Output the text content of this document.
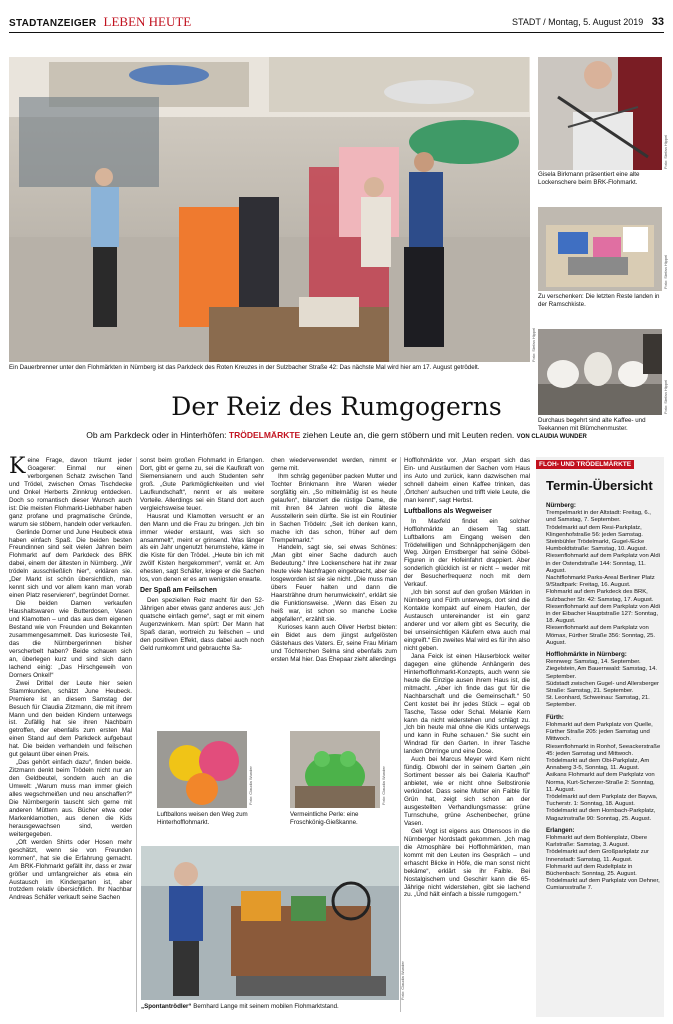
STADTANZEIGER LEBEN HEUTE	STADT / Montag, 5. August 2019 33
Foto: Stefan Hippel
Ein Dauerbrenner unter den Flohmärkten in Nürnberg ist das Parkdeck des Roten Kreuzes in der Sulzbacher Straße 42: Das nächste Mal wird hier am 17. August getrödelt.
Foto: Stefan Hippel
Gisela Birkmann präsentiert eine alte Lockenschere beim BRK-Flohmarkt.
Foto: Stefan Hippel
Zu verschenken: Die letzten Reste landen in der Ramschkiste.
Foto: Stefan Hippel
Durchaus begehrt sind alte Kaffee- und Teekannen mit Blümchenmuster.
Der Reiz des Rumgogerns
Ob am Parkdeck oder in Hinterhöfen: TRÖDELMÄRKTE ziehen Leute an, die gern stöbern und mit Leuten reden. VON CLAUDIA WUNDER

Keine Frage, davon träumt jeder Goagerer: Einmal nur einen verborgenen Schatz zwischen Tand und Trödel, zwischen Omas Tischdecke und Onkel Herberts Zinnkrug entdecken. Doch so romantisch dieser Wunsch auch ist: Die meisten Flohmarkt-Liebhaber haben ganz profane und pragmatische Gründe, warum sie stöbern, handeln oder verkaufen.

Gerlinde Dorner und June Heubeck etwa haben einfach Spaß. Die beiden besten Freundinnen sind seit vielen Jahren beim Flohmarkt auf dem Parkdeck des BRK dabei, einem der ältesten in Nürnberg. „Wir trödeln ausschließlich hier“, erklären sie. „Der Markt ist schön übersichtlich, man kennt sich und vor allem kann man vorab einen Platz reservieren“, begründet Dorner.

Die beiden Damen verkaufen Haushaltswaren wie Butterdosen, Vasen und Klamotten – und das aus dem eigenen Bestand wie von Freunden und Bekannten zusammengesammelt. Das kurioseste Teil, das die Nürnbergerinnen bisher verscherbelt haben? Beide schauen sich an, überlegen kurz und sind sich dann lachend einig: „Das Hirschgeweih von Dorners Onkel!“

Zwei Drittel der Leute hier seien Stammkunden, schätzt June Heubeck. Premiere ist an diesem Samstag der Besuch für Claudia Zitzmann, die mit ihrem Mann und den beiden Kindern unterwegs ist. Zufällig hat sie ihren Nachbarn getroffen, der ebenfalls zum ersten Mal einen Stand auf dem Parkdeck aufgebaut hat. Die beiden verhandeln und feilschen gut gelaunt über einen Preis.

„Das gehört einfach dazu“, finden beide. Zitzmann denkt beim Trödeln nicht nur an den Geldbeutel, sondern auch an die Umwelt: „Warum muss man immer gleich alles wegschmeißen und neu anschaffen?“ Die Nürnbergerin tauscht sich gerne mit anderen Müttern aus. Bücher etwa oder Markenklamotten, aus denen die Kids herausgewachsen sind, werden weitergegeben.

„Oft werden Shirts oder Hosen mehr geschätzt, wenn sie von Freunden kommen“, hat sie die Erfahrung gemacht. Am BRK-Flohmarkt gefällt ihr, dass er zwar größer und umfangreicher als etwa ein Austausch im Kindergarten ist, aber trotzdem relativ übersichtlich. Ihr Nachbar Andreas Schäfer verkauft seine Sachen

sonst beim großen Flohmarkt in Erlangen. Dort, gibt er gerne zu, sei die Kaufkraft von Siemensianern und auch Studenten sehr groß. „Gute Parkmöglichkeiten und viel Laufkundschaft“, nennt er als weitere Vorteile. Allerdings sei ein Stand dort auch vergleichsweise teuer.

Hausrat und Klamotten versucht er an den Mann und die Frau zu bringen. „Ich bin immer wieder erstaunt, was sich so ansammelt“, meint er grinsend. Was länger als ein Jahr ungenutzt herumstehe, käme in die Kiste für den Trödel. „Heute bin ich mit zwölf Kisten hergekommen“, verrät er. Am ehesten, sagt Schäfer, kriege er die Sachen los, von denen er es am wenigsten erwarte.

Der Spaß am Feilschen

Den speziellen Reiz macht für den 52-Jährigen aber etwas ganz anderes aus: „Ich quatsche einfach gerne“, sagt er mit einem Augenzwinkern. Man spürt: Der Mann hat Spaß daran, wortreich zu feilschen – und den positiven Effekt, dass dabei auch noch Geld rumkommt und gebrauchte Sa-

chen wiederverwendet werden, nimmt er gerne mit.

Ihm schräg gegenüber packen Mutter und Tochter Brinkmann ihre Waren wieder sorgfältig ein. „So mittelmäßig ist es heute gelaufen“, bilanziert die rüstige Dame, die mit ihren 84 Jahren wohl die älteste Ausstellerin sein dürfte. Sie ist ein Routinier in Sachen Trödeln: „Seit ich denken kann, mache ich das schon, früher auf dem Trempelmarkt.“

Handeln, sagt sie, sei etwas Schönes: „Man gibt einer Sache dadurch auch Bedeutung.“ Ihre Lockenschere hat ihr zwar heute viele Nachfragen eingebracht, aber sie losgeworden ist sie sie nicht. „Die muss man übers Feuer halten und dann die Haarsträhne drum herumwickeln“, erklärt sie die Funktionsweise. „Wenn das Eisen zu heiß war, ist schon so manche Locke abgefallen“, erzählt sie.

Kurioses kann auch Oliver Herbst bieten: ein Bidet aus dem jüngst aufgelösten Gästehaus des Vaters. Er, seine Frau Miriam und Töchterchen Selma sind ebenfalls zum ersten Mal hier. Das Ehepaar zieht allerdings

Hofflohmärkte vor. „Man erspart sich das Ein- und Ausräumen der Sachen vom Haus ins Auto und zurück, kann dazwischen mal schnell daheim einen Kaffee trinken, das ‚Örtchen‘ aufsuchen und trifft viele Leute, die man kennt“, sagt Herbst.

Luftballons als Wegweiser

In Maxfeld findet ein solcher Hofflohmärkte an diesem Tag statt. Luftballons am Eingang weisen den Trödelwilligen und Schnäppchenjägern den Weg. Jürgen Ernstberger hat seine Göbel-Figuren in der Hofeinfahrt drappiert. Aber sonderlich glücklich ist er nicht – weder mit der Besucherfrequenz noch mit dem Verkauf.

„Ich bin sonst auf den großen Märkten in Nürnberg und Fürth unterwegs, dort sind die Kontakte kompakt auf einem Haufen, der Austausch untereinander ist ein ganz anderer und vor allem gibt es Security, die bei unseinsichtigen Käufern etwa auch mal eingreift.“ Ein zweites Mal wird es für ihn also nicht geben.

Jana Feick ist einen Häuserblock weiter dagegen eine glühende Anhängerin des Hinterhofflohmarkt-Konzepts, auch wenn sie heute die Einzige ausen ihrem Haus ist, die mitmacht. „Aber ich finde das gut für die Nachbarschaft und die Gemeinschaft.“ 50 Cent kostet bei ihr jedes Stück – egal ob Tasche, Tasse oder Schal. Melanie Kern kann da nicht widerstehen und schlägt zu. „Ich bin heute mal ohne die Kids unterwegs und kann in Ruhe schauen.“ Sie sucht ein Windrad für den Garten. In ihrer Tasche landen Ohrringe und eine Dose.

Auch bei Marcus Meyer wird Kern nicht fündig. Obwohl der in seinem Garten „ein Sortiment besser als bei Galeria Kaufhof“ anbietet, wie er nicht ohne Selbstironie verkündet. Dass seine Mutter ein Faible für Grün hat, zeigt sich schon an der ausgestellten Verhandlungsmasse: grüne Turnschuhe, grüne Aschenbecher, grüne Vasen.

Geli Vogt ist eigens aus Ottensoos in die Nürnberger Nordstadt gekommen. „Ich mag die Atmosphäre bei Hofflohmärkten, man kommt mit den Leuten ins Gespräch – und erhascht Blicke in Höfe, die man sonst nicht bekäme“, erklärt sie ihr Faible. Bei Nostalgischem und Geschirr kann die 65-Jährige nicht widerstehen, gibt sie lachend zu. „Und hält einfach a bissle rumgogern.“

Foto: Claudia Wunder
Luftballons weisen den Weg zum Hinterhofflohmarkt.
Foto: Claudia Wunder
Vermeintliche Perle: eine Froschkönig-Gießkanne.
Foto: Claudia Wunder
„Spontantrödler“ Bernhard Lange mit seinem mobilen Flohmarktstand.
FLOH- UND TRÖDELMÄRKTE
Termin-Übersicht
Nürnberg:

Trempelmarkt in der Altstadt: Freitag, 6., und Samstag, 7. September.

Trödelmarkt auf dem Resi-Parkplatz, Klingenhofstraße 56: jeden Samstag.

Steinbühler Trödelmarkt, Gugel-/Ecke Humboldtstraße: Samstag, 10. August.

Riesenflohmarkt auf dem Parkplatz von Aldi in der Ostendstraße 144: Sonntag, 11. August.

Nachtflohmarkt Parks-Areal Berliner Platz 9/Stadtpark: Freitag, 16. August.

Flohmarkt auf dem Parkdeck des BRK, Sulzbacher Str. 42: Samstag, 17. August.

Riesenflohmarkt auf dem Parkplatz von Aldi in der Eibacher Hauptstraße 127: Sonntag, 18. August.

Riesenflohmarkt auf dem Parkplatz von Mömax, Fürther Straße 356: Sonntag, 25. August.

Hofflohmärkte in Nürnberg:

Rennweg: Samstag, 14. September.

Ziegelstein, Am Bauernwald: Samstag, 14. September.

Südstadt zwischen Gugel- und Allersberger Straße: Samstag, 21. September.

St. Leonhard, Schweinau: Samstag, 21. September.

Fürth:

Flohmarkt auf dem Parkplatz von Quelle, Fürther Straße 205: jeden Samstag und Mittwoch.

Riesenflohmarkt in Ronhof, Seeackerstraße 45: jeden Samstag und Mittwoch.

Trödelmarkt auf dem Obi-Parkplatz, Am Annaberg 3-5, Sonntag, 11. August.

Asikans Flohmarkt auf dem Parkplatz von Norma, Kurt-Scherzer-Straße 2: Sonntag, 11. August.

Trödelmarkt auf dem Parkplatz der Baywa, Tucherstr. 1: Sonntag, 18. August.

Trödelmarkt auf dem Hornbach-Parkplatz, Magazinstraße 90: Sonntag, 25. August.

Erlangen:

Flohmarkt auf dem Bohlenplatz, Obere Karlstraße: Samstag, 3. August.

Trödelmarkt auf dem Großparkplatz zur Innenstadt: Samstag, 11. August.

Flohmarkt auf dem Rudeltplatz in Büchenbach: Sonntag, 25. August.

Trödelmarkt auf dem Parkplatz von Dehner, Cumiansstraße 7.
